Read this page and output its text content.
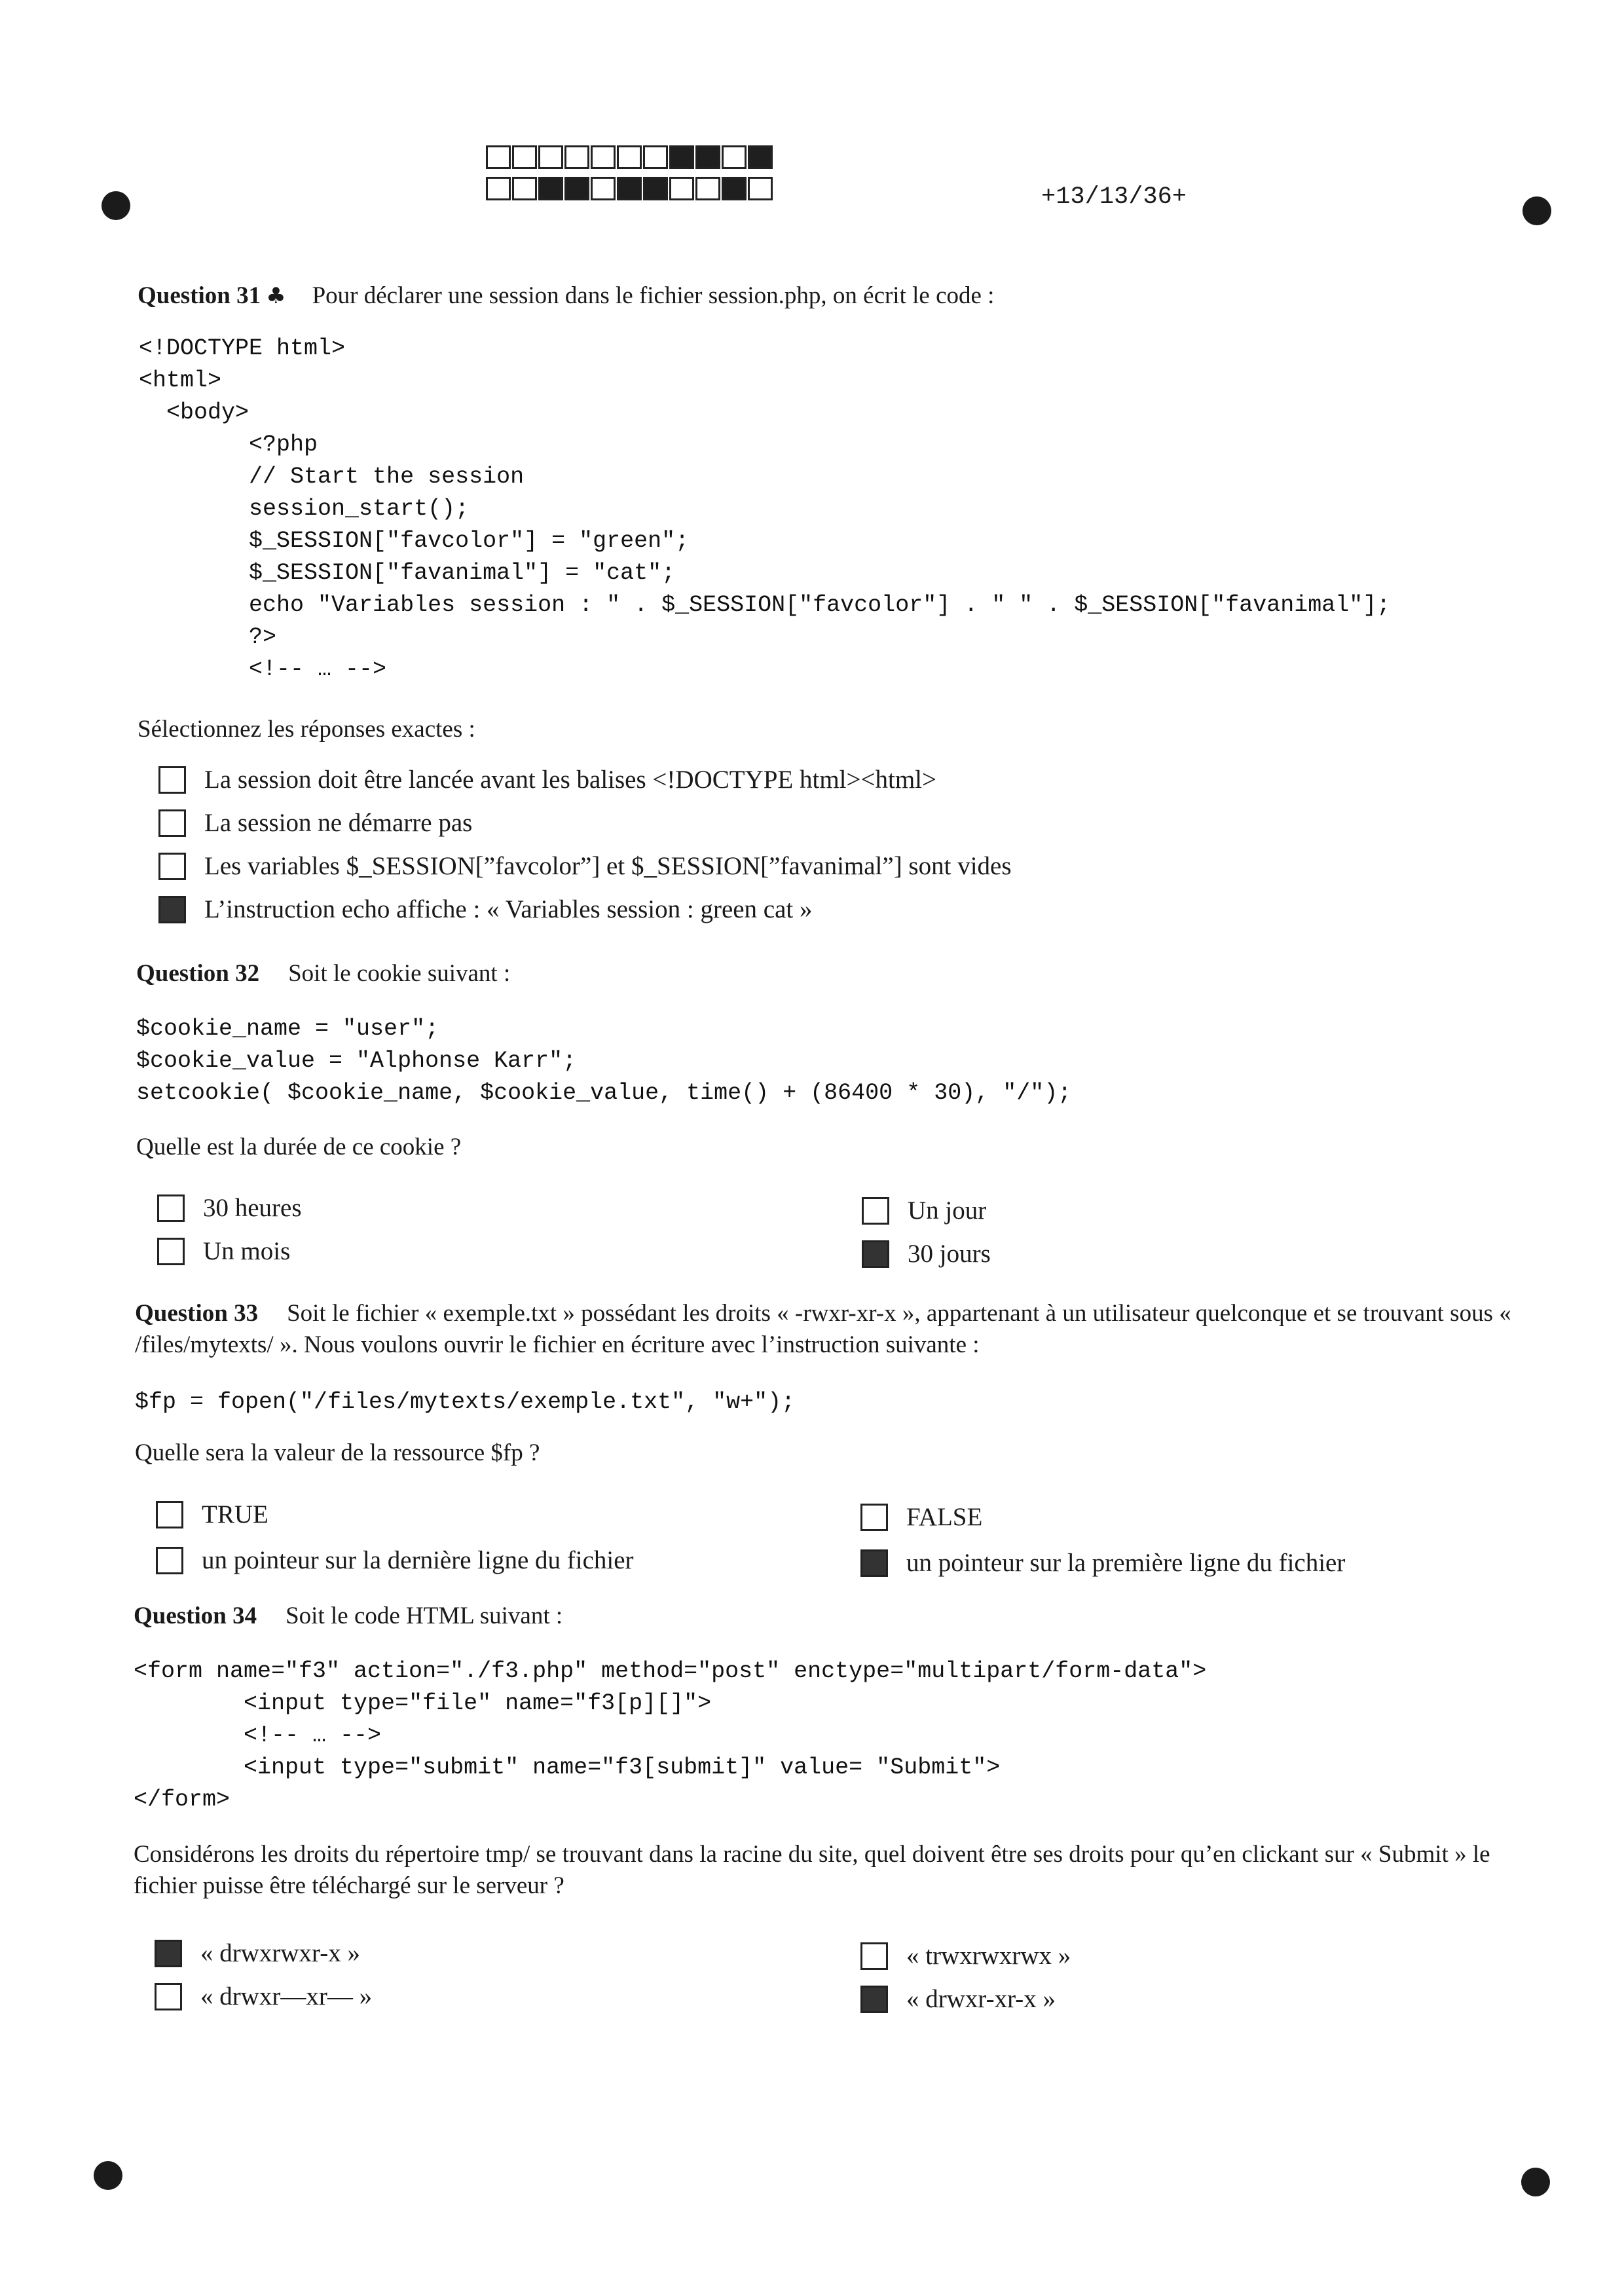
+13/13/36+
Question 31 ♣ Pour déclarer une session dans le fichier session.php, on écrit le code :
<!DOCTYPE html>
<html>
<body>
<?php
// Start the session
session_start();
$_SESSION["favcolor"] = "green";
$_SESSION["favanimal"] = "cat";
echo "Variables session : " . $_SESSION["favcolor"] . " " . $_SESSION["favanimal"];
?>
<!-- … -->
Sélectionnez les réponses exactes :
La session doit être lancée avant les balises <!DOCTYPE html><html>
La session ne démarre pas
Les variables $_SESSION[”favcolor”] et $_SESSION[”favanimal”] sont vides
L’instruction echo affiche : « Variables session : green cat »
Question 32 Soit le cookie suivant :
$cookie_name = "user";
$cookie_value = "Alphonse Karr";
setcookie( $cookie_name, $cookie_value, time() + (86400 * 30), "/");
Quelle est la durée de ce cookie ?
30 heures	Un jour
Un mois	30 jours
Question 33 Soit le fichier « exemple.txt » possédant les droits « -rwxr-xr-x », appartenant à un utilisateur quelconque et se trouvant sous « /files/mytexts/ ». Nous voulons ouvrir le fichier en écriture avec l’instruction suivante :
$fp = fopen("/files/mytexts/exemple.txt", "w+");
Quelle sera la valeur de la ressource $fp ?
TRUE	FALSE
un pointeur sur la dernière ligne du fichier	un pointeur sur la première ligne du fichier
Question 34 Soit le code HTML suivant :
<form name="f3" action="./f3.php" method="post" enctype="multipart/form-data">
<input type="file" name="f3[p][]">
<!-- … -->
<input type="submit" name="f3[submit]" value= "Submit">
</form>
Considérons les droits du répertoire tmp/ se trouvant dans la racine du site, quel doivent être ses droits pour qu’en clickant sur « Submit » le fichier puisse être téléchargé sur le serveur ?
« drwxrwxr-x »	« trwxrwxrwx »
« drwxr—xr— »	« drwxr-xr-x »
